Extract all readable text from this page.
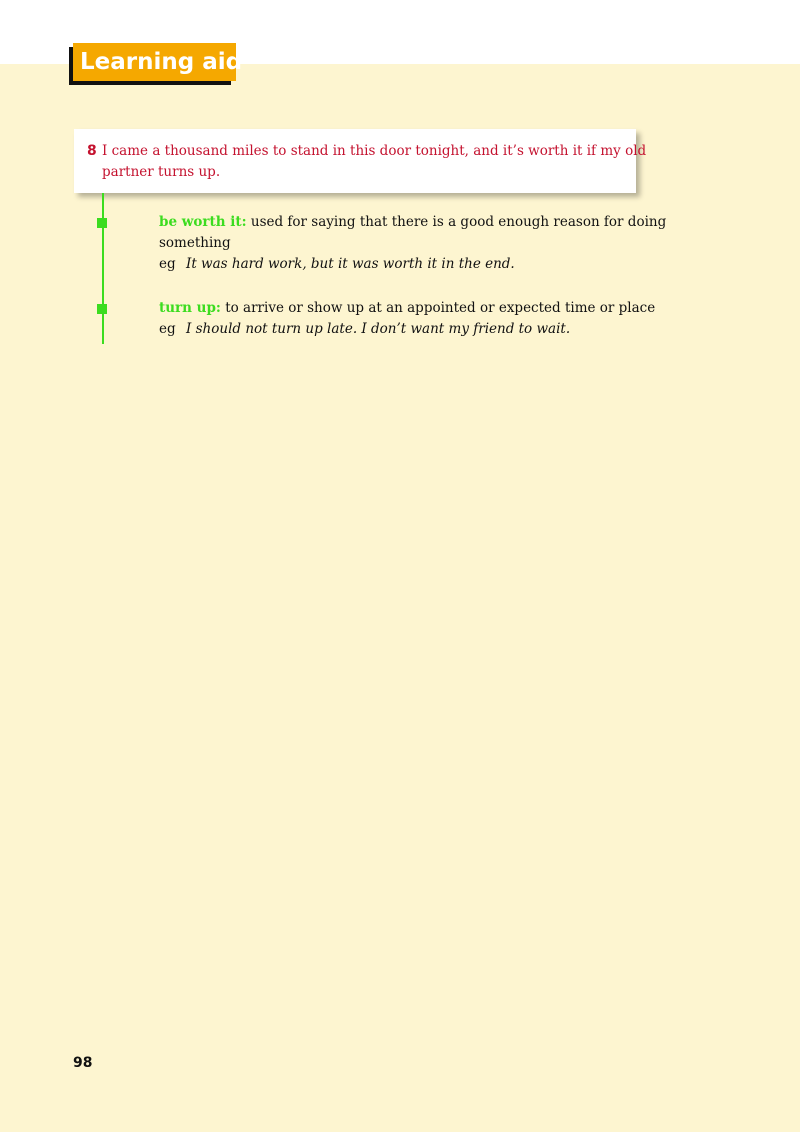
Learning aid
8 I came a thousand miles to stand in this door tonight, and it’s worth it if my old
partner turns up.
be worth it: used for saying that there is a good enough reason for doing
something
eg It was hard work, but it was worth it in the end.
turn up: to arrive or show up at an appointed or expected time or place
eg I should not turn up late. I don’t want my friend to wait.
98
